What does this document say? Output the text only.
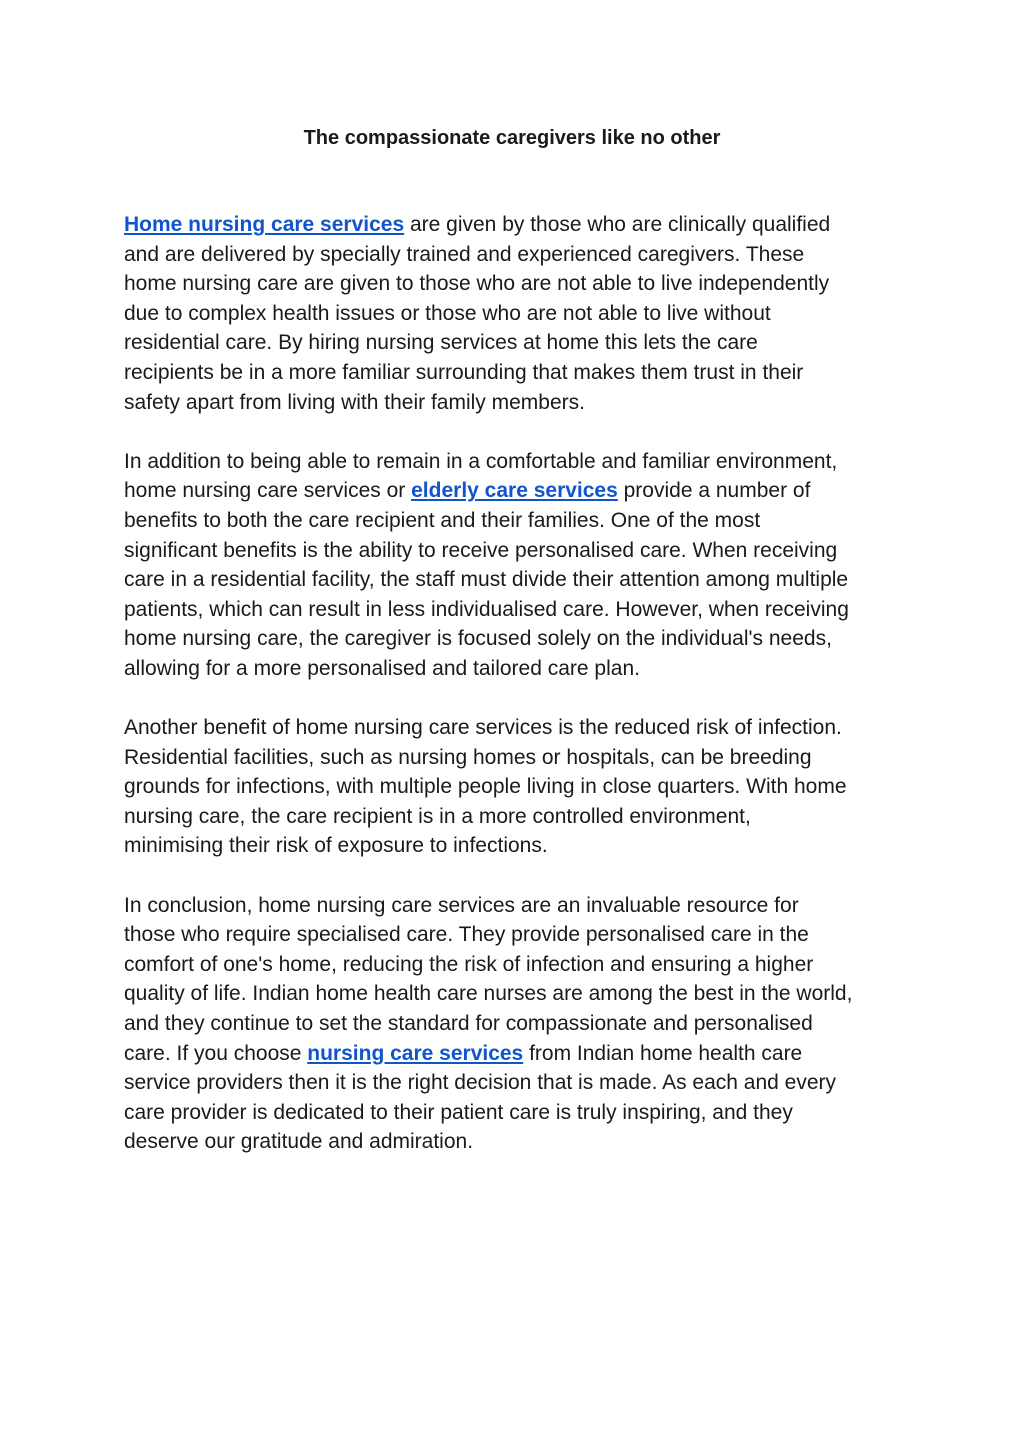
The compassionate caregivers like no other

Home nursing care services are given by those who are clinically qualified
and are delivered by specially trained and experienced caregivers. These
home nursing care are given to those who are not able to live independently
due to complex health issues or those who are not able to live without
residential care. By hiring nursing services at home this lets the care
recipients be in a more familiar surrounding that makes them trust in their
safety apart from living with their family members.

In addition to being able to remain in a comfortable and familiar environment,
home nursing care services or elderly care services provide a number of
benefits to both the care recipient and their families. One of the most
significant benefits is the ability to receive personalised care. When receiving
care in a residential facility, the staff must divide their attention among multiple
patients, which can result in less individualised care. However, when receiving
home nursing care, the caregiver is focused solely on the individual's needs,
allowing for a more personalised and tailored care plan.

Another benefit of home nursing care services is the reduced risk of infection.
Residential facilities, such as nursing homes or hospitals, can be breeding
grounds for infections, with multiple people living in close quarters. With home
nursing care, the care recipient is in a more controlled environment,
minimising their risk of exposure to infections.

In conclusion, home nursing care services are an invaluable resource for
those who require specialised care. They provide personalised care in the
comfort of one's home, reducing the risk of infection and ensuring a higher
quality of life. Indian home health care nurses are among the best in the world,
and they continue to set the standard for compassionate and personalised
care. If you choose nursing care services from Indian home health care
service providers then it is the right decision that is made. As each and every
care provider is dedicated to their patient care is truly inspiring, and they
deserve our gratitude and admiration.
